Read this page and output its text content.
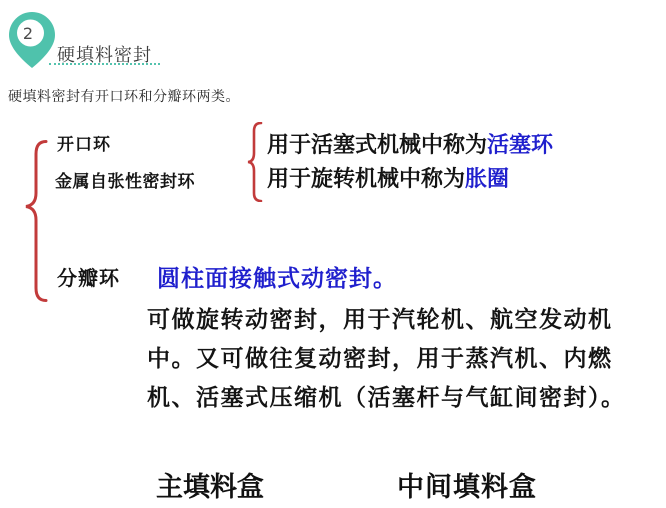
2
硬填料密封
硬填料密封有开口环和分瓣环两类。
开口环
金属自张性密封环
用于活塞式机械中称为活塞环
用于旋转机械中称为胀圈
分瓣环 圆柱面接触式动密封。
可做旋转动密封，用于汽轮机、航空发动机
中。又可做往复动密封，用于蒸汽机、内燃
机、活塞式压缩机（活塞杆与气缸间密封）。
主填料盒	中间填料盒
